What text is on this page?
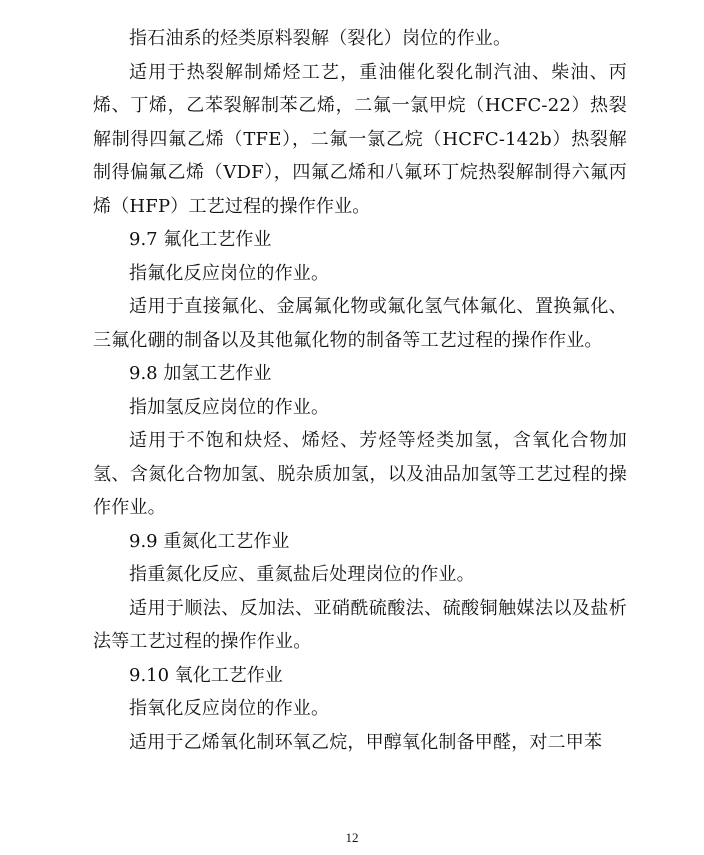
指石油系的烃类原料裂解（裂化）岗位的作业。

适用于热裂解制烯烃工艺，重油催化裂化制汽油、柴油、丙烯、丁烯，乙苯裂解制苯乙烯，二氟一氯甲烷（HCFC-22）热裂解制得四氟乙烯（TFE），二氟一氯乙烷（HCFC-142b）热裂解制得偏氟乙烯（VDF），四氟乙烯和八氟环丁烷热裂解制得六氟丙烯（HFP）工艺过程的操作作业。

9.7 氟化工艺作业

指氟化反应岗位的作业。

适用于直接氟化、金属氟化物或氟化氢气体氟化、置换氟化、三氟化硼的制备以及其他氟化物的制备等工艺过程的操作作业。

9.8 加氢工艺作业

指加氢反应岗位的作业。

适用于不饱和炔烃、烯烃、芳烃等烃类加氢，含氧化合物加氢、含氮化合物加氢、脱杂质加氢，以及油品加氢等工艺过程的操作作业。

9.9 重氮化工艺作业

指重氮化反应、重氮盐后处理岗位的作业。

适用于顺法、反加法、亚硝酰硫酸法、硫酸铜触媒法以及盐析法等工艺过程的操作作业。

9.10 氧化工艺作业

指氧化反应岗位的作业。

适用于乙烯氧化制环氧乙烷，甲醇氧化制备甲醛，对二甲苯

12
